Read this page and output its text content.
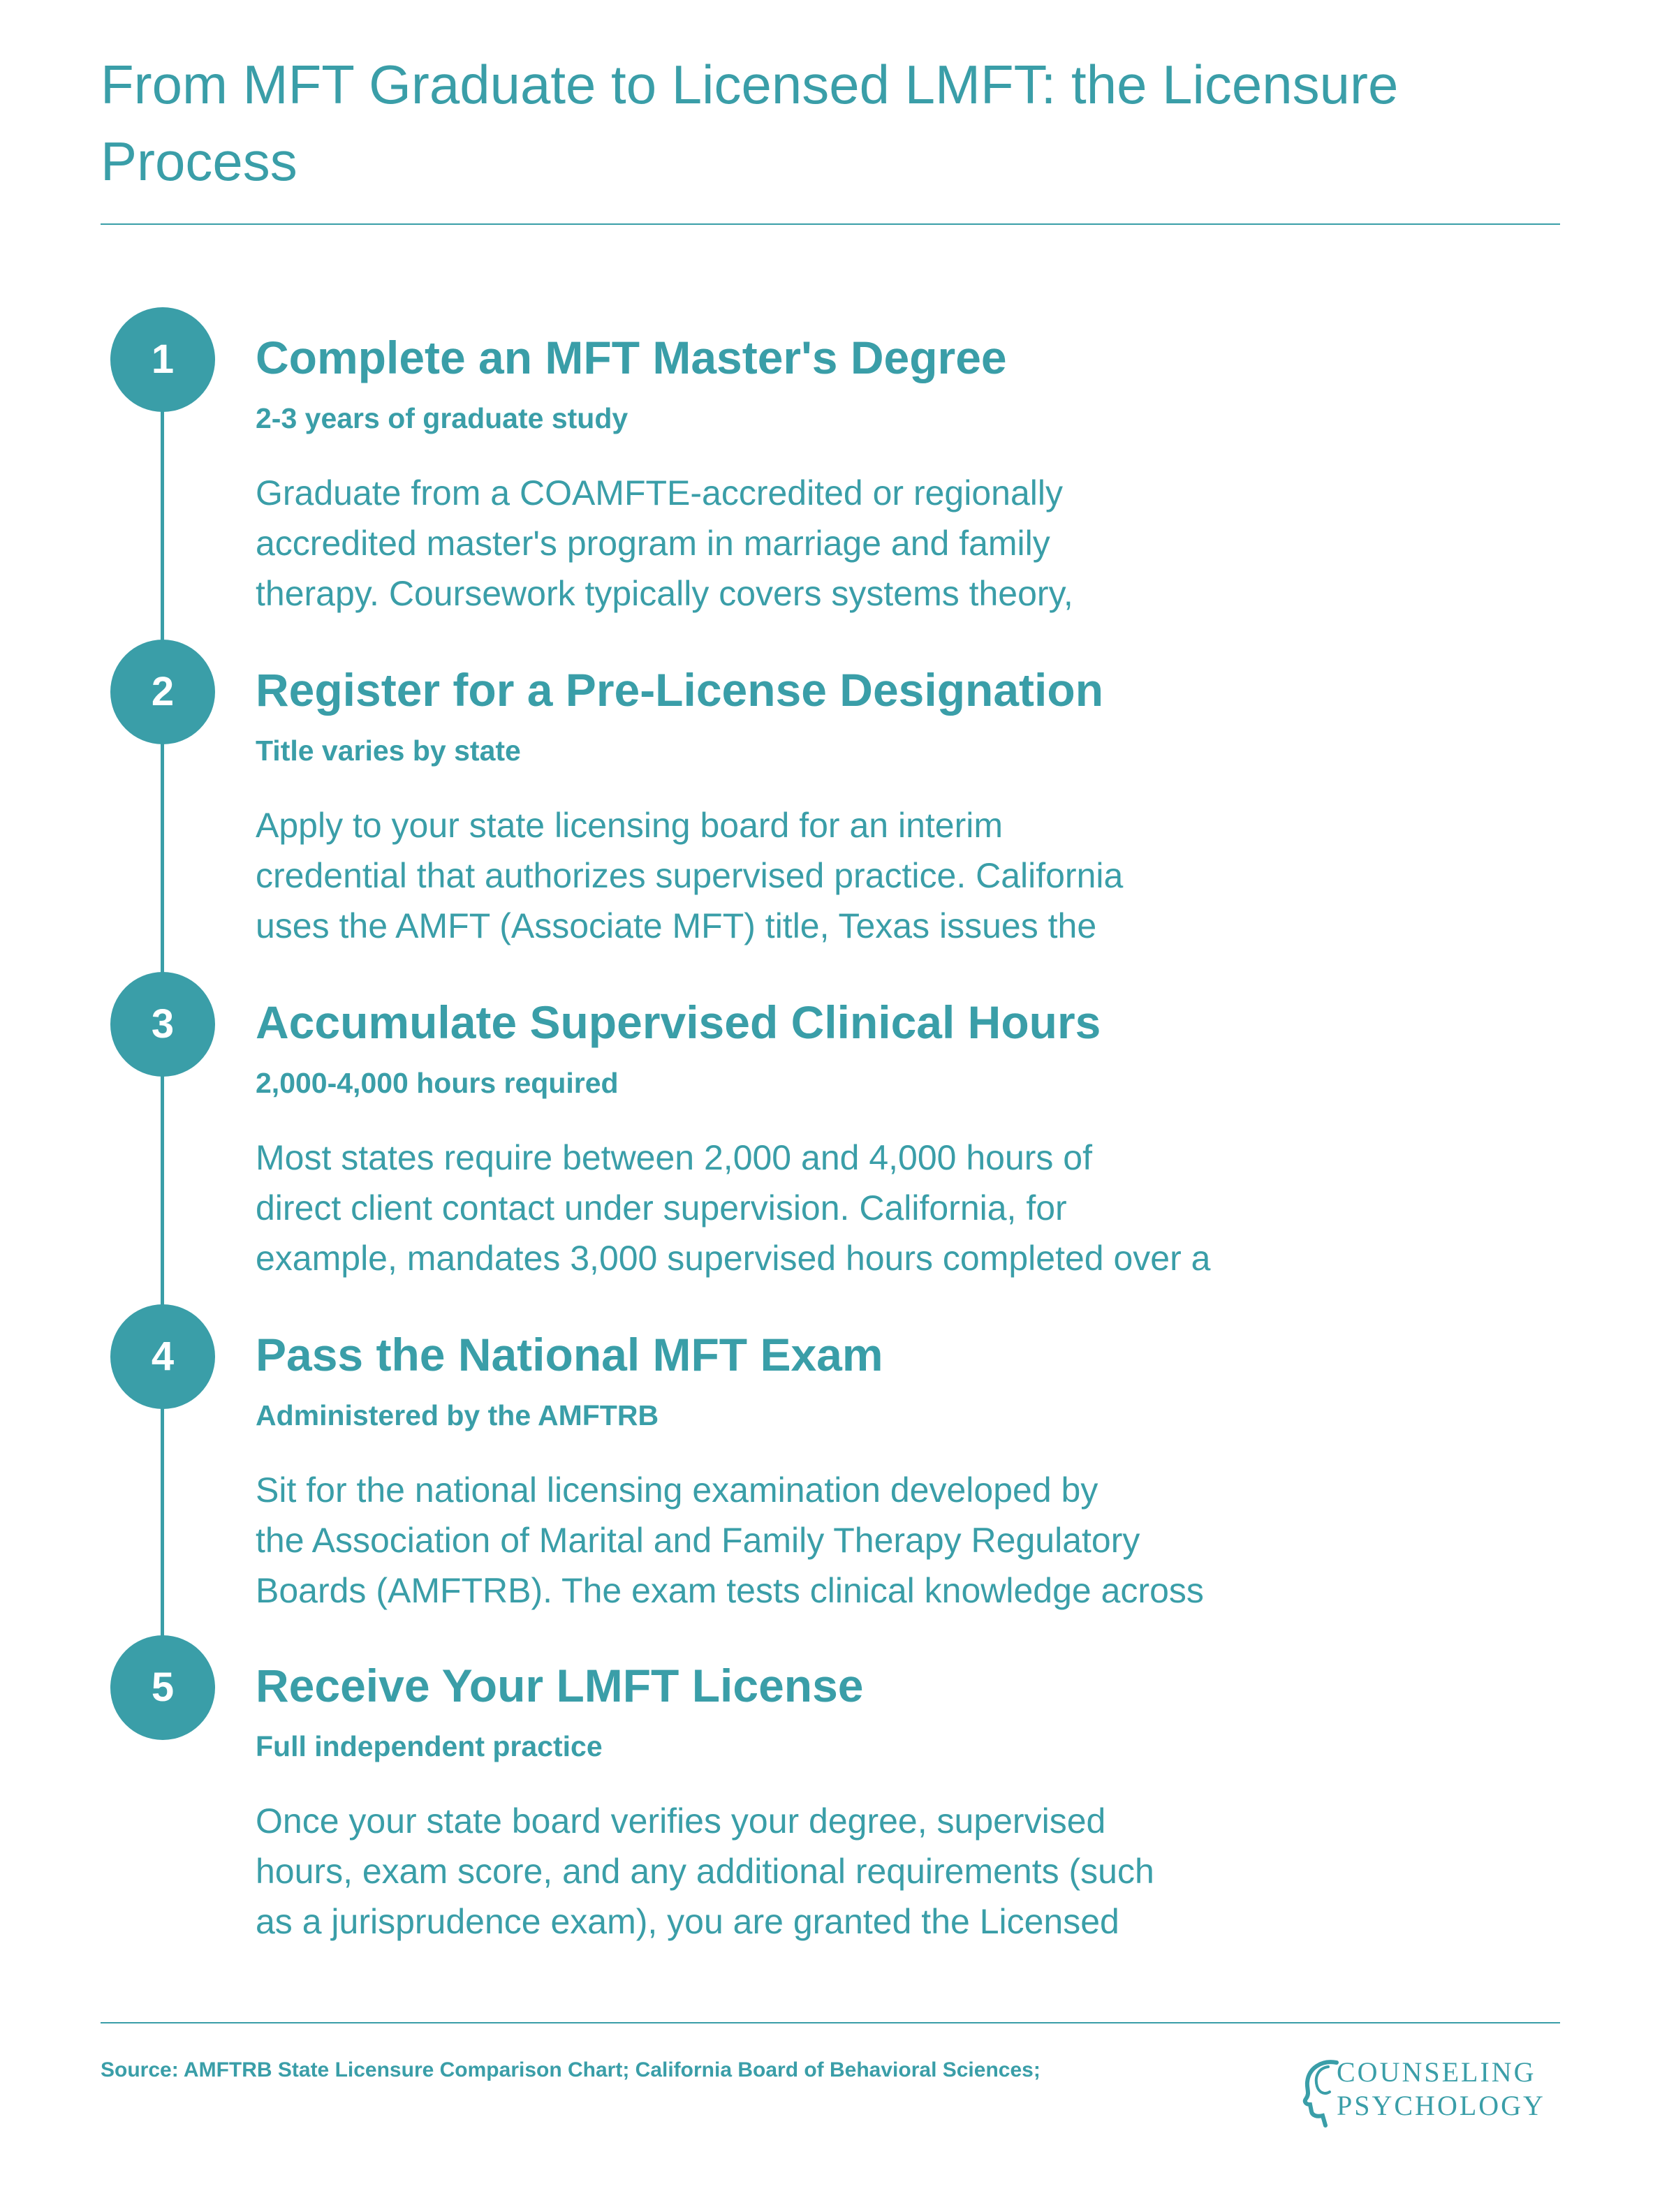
From MFT Graduate to Licensed LMFT: the Licensure Process
1	Complete an MFT Master's Degree
2-3 years of graduate study
Graduate from a COAMFTE-accredited or regionally
accredited master's program in marriage and family
therapy. Coursework typically covers systems theory,
2	Register for a Pre-License Designation
Title varies by state
Apply to your state licensing board for an interim
credential that authorizes supervised practice. California
uses the AMFT (Associate MFT) title, Texas issues the
3	Accumulate Supervised Clinical Hours
2,000-4,000 hours required
Most states require between 2,000 and 4,000 hours of
direct client contact under supervision. California, for
example, mandates 3,000 supervised hours completed over a
4	Pass the National MFT Exam
Administered by the AMFTRB
Sit for the national licensing examination developed by
the Association of Marital and Family Therapy Regulatory
Boards (AMFTRB). The exam tests clinical knowledge across
5	Receive Your LMFT License
Full independent practice
Once your state board verifies your degree, supervised
hours, exam score, and any additional requirements (such
as a jurisprudence exam), you are granted the Licensed
Source: AMFTRB State Licensure Comparison Chart; California Board of Behavioral Sciences;	COUNSELING
PSYCHOLOGY
